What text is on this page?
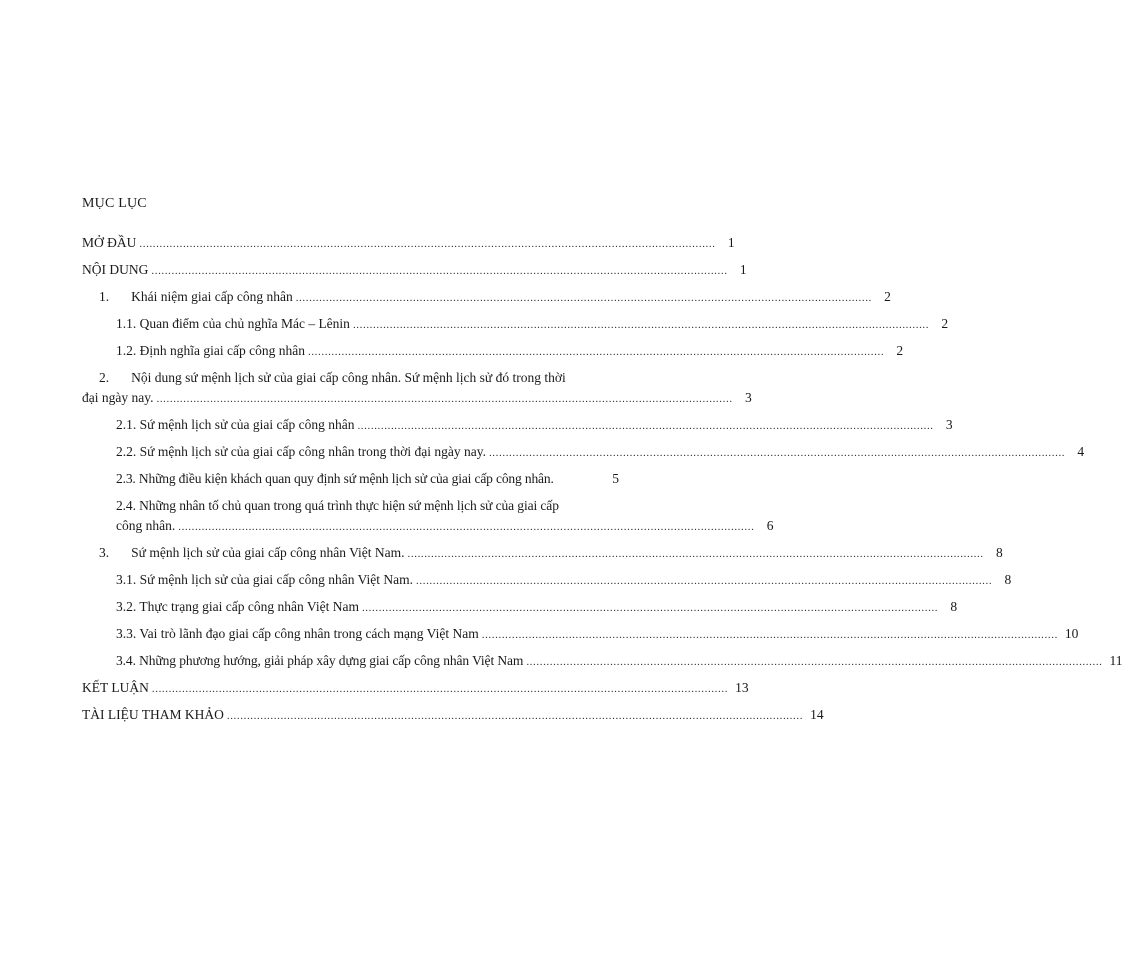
MỤC LỤC
MỞ ĐẦU ............................................................................................................................................................................ 1
NỘI DUNG ............................................................................................................................................................................ 1
1.	Khái niệm giai cấp công nhân ............................................................................................................................................................................ 2
1.1. Quan điểm của chủ nghĩa Mác – Lênin ............................................................................................................................................................................ 2
1.2. Định nghĩa giai cấp công nhân ............................................................................................................................................................................ 2
2.	Nội dung sứ mệnh lịch sử của giai cấp công nhân. Sứ mệnh lịch sử đó trong thời
đại ngày nay. ............................................................................................................................................................................ 3
2.1. Sứ mệnh lịch sử của giai cấp công nhân ............................................................................................................................................................................ 3
2.2. Sứ mệnh lịch sử của giai cấp công nhân trong thời đại ngày nay. ............................................................................................................................................................................ 4
2.3. Những điều kiện khách quan quy định sứ mệnh lịch sử của giai cấp công nhân.	5
2.4. Những nhân tố chủ quan trong quá trình thực hiện sứ mệnh lịch sử của giai cấp
công nhân. ............................................................................................................................................................................ 6
3.	Sứ mệnh lịch sử của giai cấp công nhân Việt Nam. ............................................................................................................................................................................ 8
3.1. Sứ mệnh lịch sử của giai cấp công nhân Việt Nam. ............................................................................................................................................................................ 8
3.2. Thực trạng giai cấp công nhân Việt Nam ............................................................................................................................................................................ 8
3.3. Vai trò lãnh đạo giai cấp công nhân trong cách mạng Việt Nam ............................................................................................................................................................................ 10
3.4. Những phương hướng, giải pháp xây dựng giai cấp công nhân Việt Nam ............................................................................................................................................................................ 11
KẾT LUẬN ............................................................................................................................................................................ 13
TÀI LIỆU THAM KHẢO ............................................................................................................................................................................ 14
